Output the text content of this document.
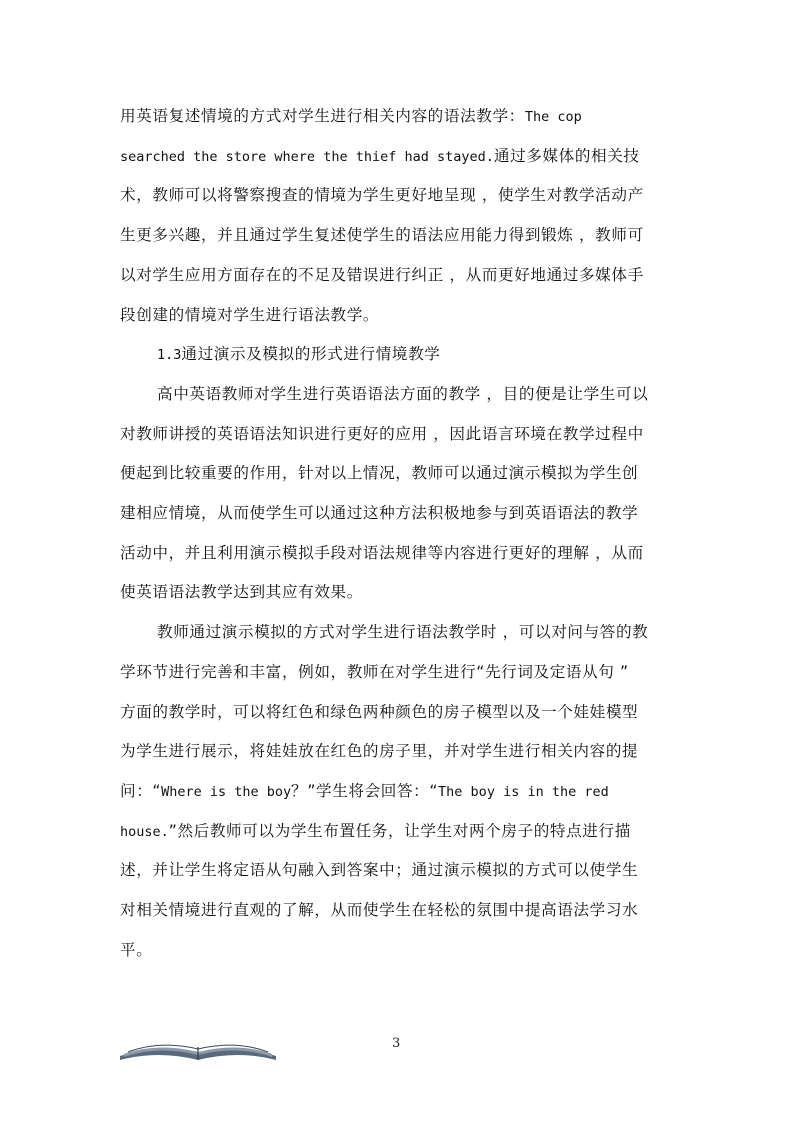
用英语复述情境的方式对学生进行相关内容的语法教学：The cop
searched the store where the thief had stayed.通过多媒体的相关技
术，教师可以将警察搜查的情境为学生更好地呈现 ，使学生对教学活动产
生更多兴趣，并且通过学生复述使学生的语法应用能力得到锻炼 ，教师可
以对学生应用方面存在的不足及错误进行纠正 ，从而更好地通过多媒体手
段创建的情境对学生进行语法教学。
1.3通过演示及模拟的形式进行情境教学
高中英语教师对学生进行英语语法方面的教学 ，目的便是让学生可以
对教师讲授的英语语法知识进行更好的应用 ，因此语言环境在教学过程中
便起到比较重要的作用，针对以上情况，教师可以通过演示模拟为学生创
建相应情境，从而使学生可以通过这种方法积极地参与到英语语法的教学
活动中，并且利用演示模拟手段对语法规律等内容进行更好的理解 ，从而
使英语语法教学达到其应有效果。
教师通过演示模拟的方式对学生进行语法教学时 ，可以对问与答的教
学环节进行完善和丰富，例如，教师在对学生进行“先行词及定语从句 ”
方面的教学时，可以将红色和绿色两种颜色的房子模型以及一个娃娃模型
为学生进行展示，将娃娃放在红色的房子里，并对学生进行相关内容的提
问：“Where is the boy？”学生将会回答：“The boy is in the red
house.”然后教师可以为学生布置任务，让学生对两个房子的特点进行描
述，并让学生将定语从句融入到答案中；通过演示模拟的方式可以使学生
对相关情境进行直观的了解，从而使学生在轻松的氛围中提高语法学习水
平。
3
